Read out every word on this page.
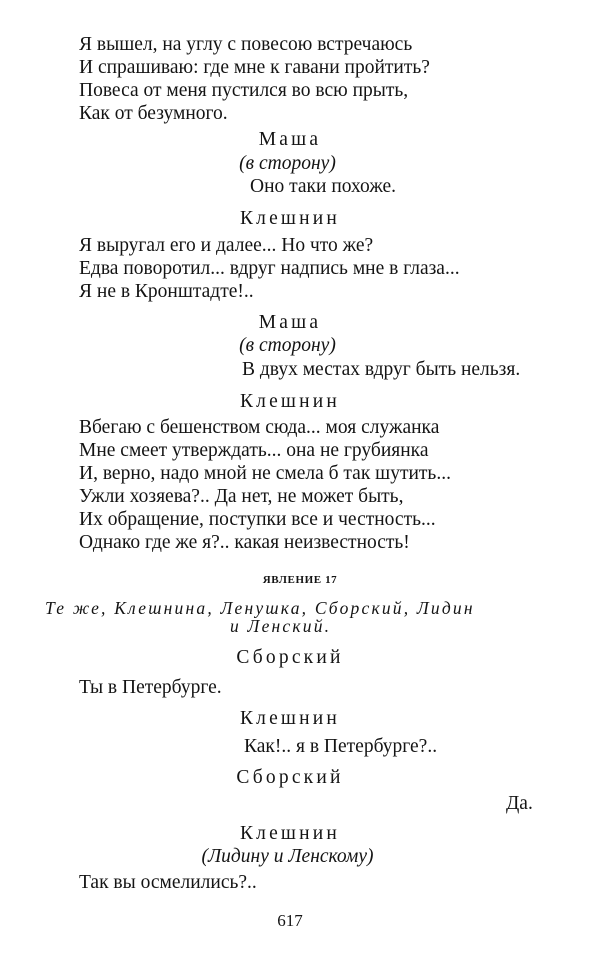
Я вышел, на углу с повесою встречаюсь
И спрашиваю: где мне к гавани пройтить?
Повеса от меня пустился во всю прыть,
Как от безумного.
Маша
(в сторону)
Оно таки похоже.
Клешнин
Я выругал его и далее... Но что же?
Едва поворотил... вдруг надпись мне в глаза...
Я не в Кронштадте!..
Маша
(в сторону)
В двух местах вдруг быть нельзя.
Клешнин
Вбегаю с бешенством сюда... моя служанка
Мне смеет утверждать... она не грубиянка
И, верно, надо мной не смела б так шутить...
Ужли хозяева?.. Да нет, не может быть,
Их обращение, поступки все и честность...
Однако где же я?.. какая неизвестность!
ЯВЛЕНИЕ 17
Те же, Клешнина, Ленушка, Сборский, Лидин
и Ленский.
Сборский
Ты в Петербурге.
Клешнин
Как!.. я в Петербурге?..
Сборский
Да.
Клешнин
(Лидину и Ленскому)
Так вы осмелились?..
617
